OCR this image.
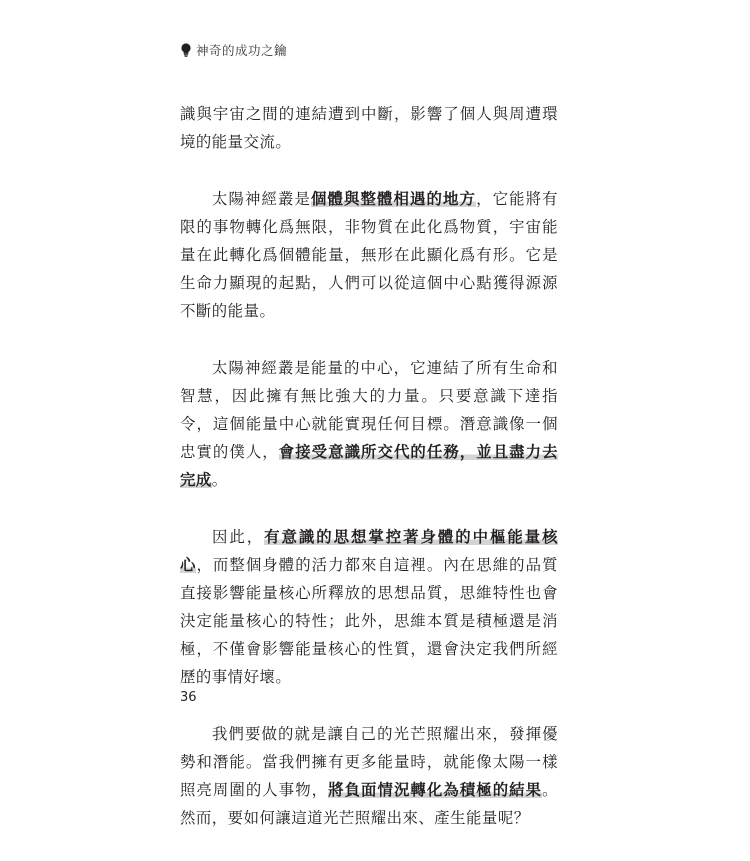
神奇的成功之鑰

識與宇宙之間的連結遭到中斷，影響了個人與周遭環境的能量交流。

太陽神經叢是個體與整體相遇的地方，它能將有限的事物轉化爲無限，非物質在此化爲物質，宇宙能量在此轉化爲個體能量，無形在此顯化爲有形。它是生命力顯現的起點，人們可以從這個中心點獲得源源不斷的能量。

太陽神經叢是能量的中心，它連結了所有生命和智慧，因此擁有無比強大的力量。只要意識下達指令，這個能量中心就能實現任何目標。潛意識像一個忠實的僕人，會接受意識所交代的任務，並且盡力去完成。

因此，有意識的思想掌控著身體的中樞能量核心，而整個身體的活力都來自這裡。內在思維的品質直接影響能量核心所釋放的思想品質，思維特性也會決定能量核心的特性；此外，思維本質是積極還是消極，不僅會影響能量核心的性質，還會決定我們所經歷的事情好壞。

我們要做的就是讓自己的光芒照耀出來，發揮優勢和潛能。當我們擁有更多能量時，就能像太陽一樣照亮周圍的人事物，將負面情況轉化為積極的結果。然而，要如何讓這道光芒照耀出來、產生能量呢？

36
